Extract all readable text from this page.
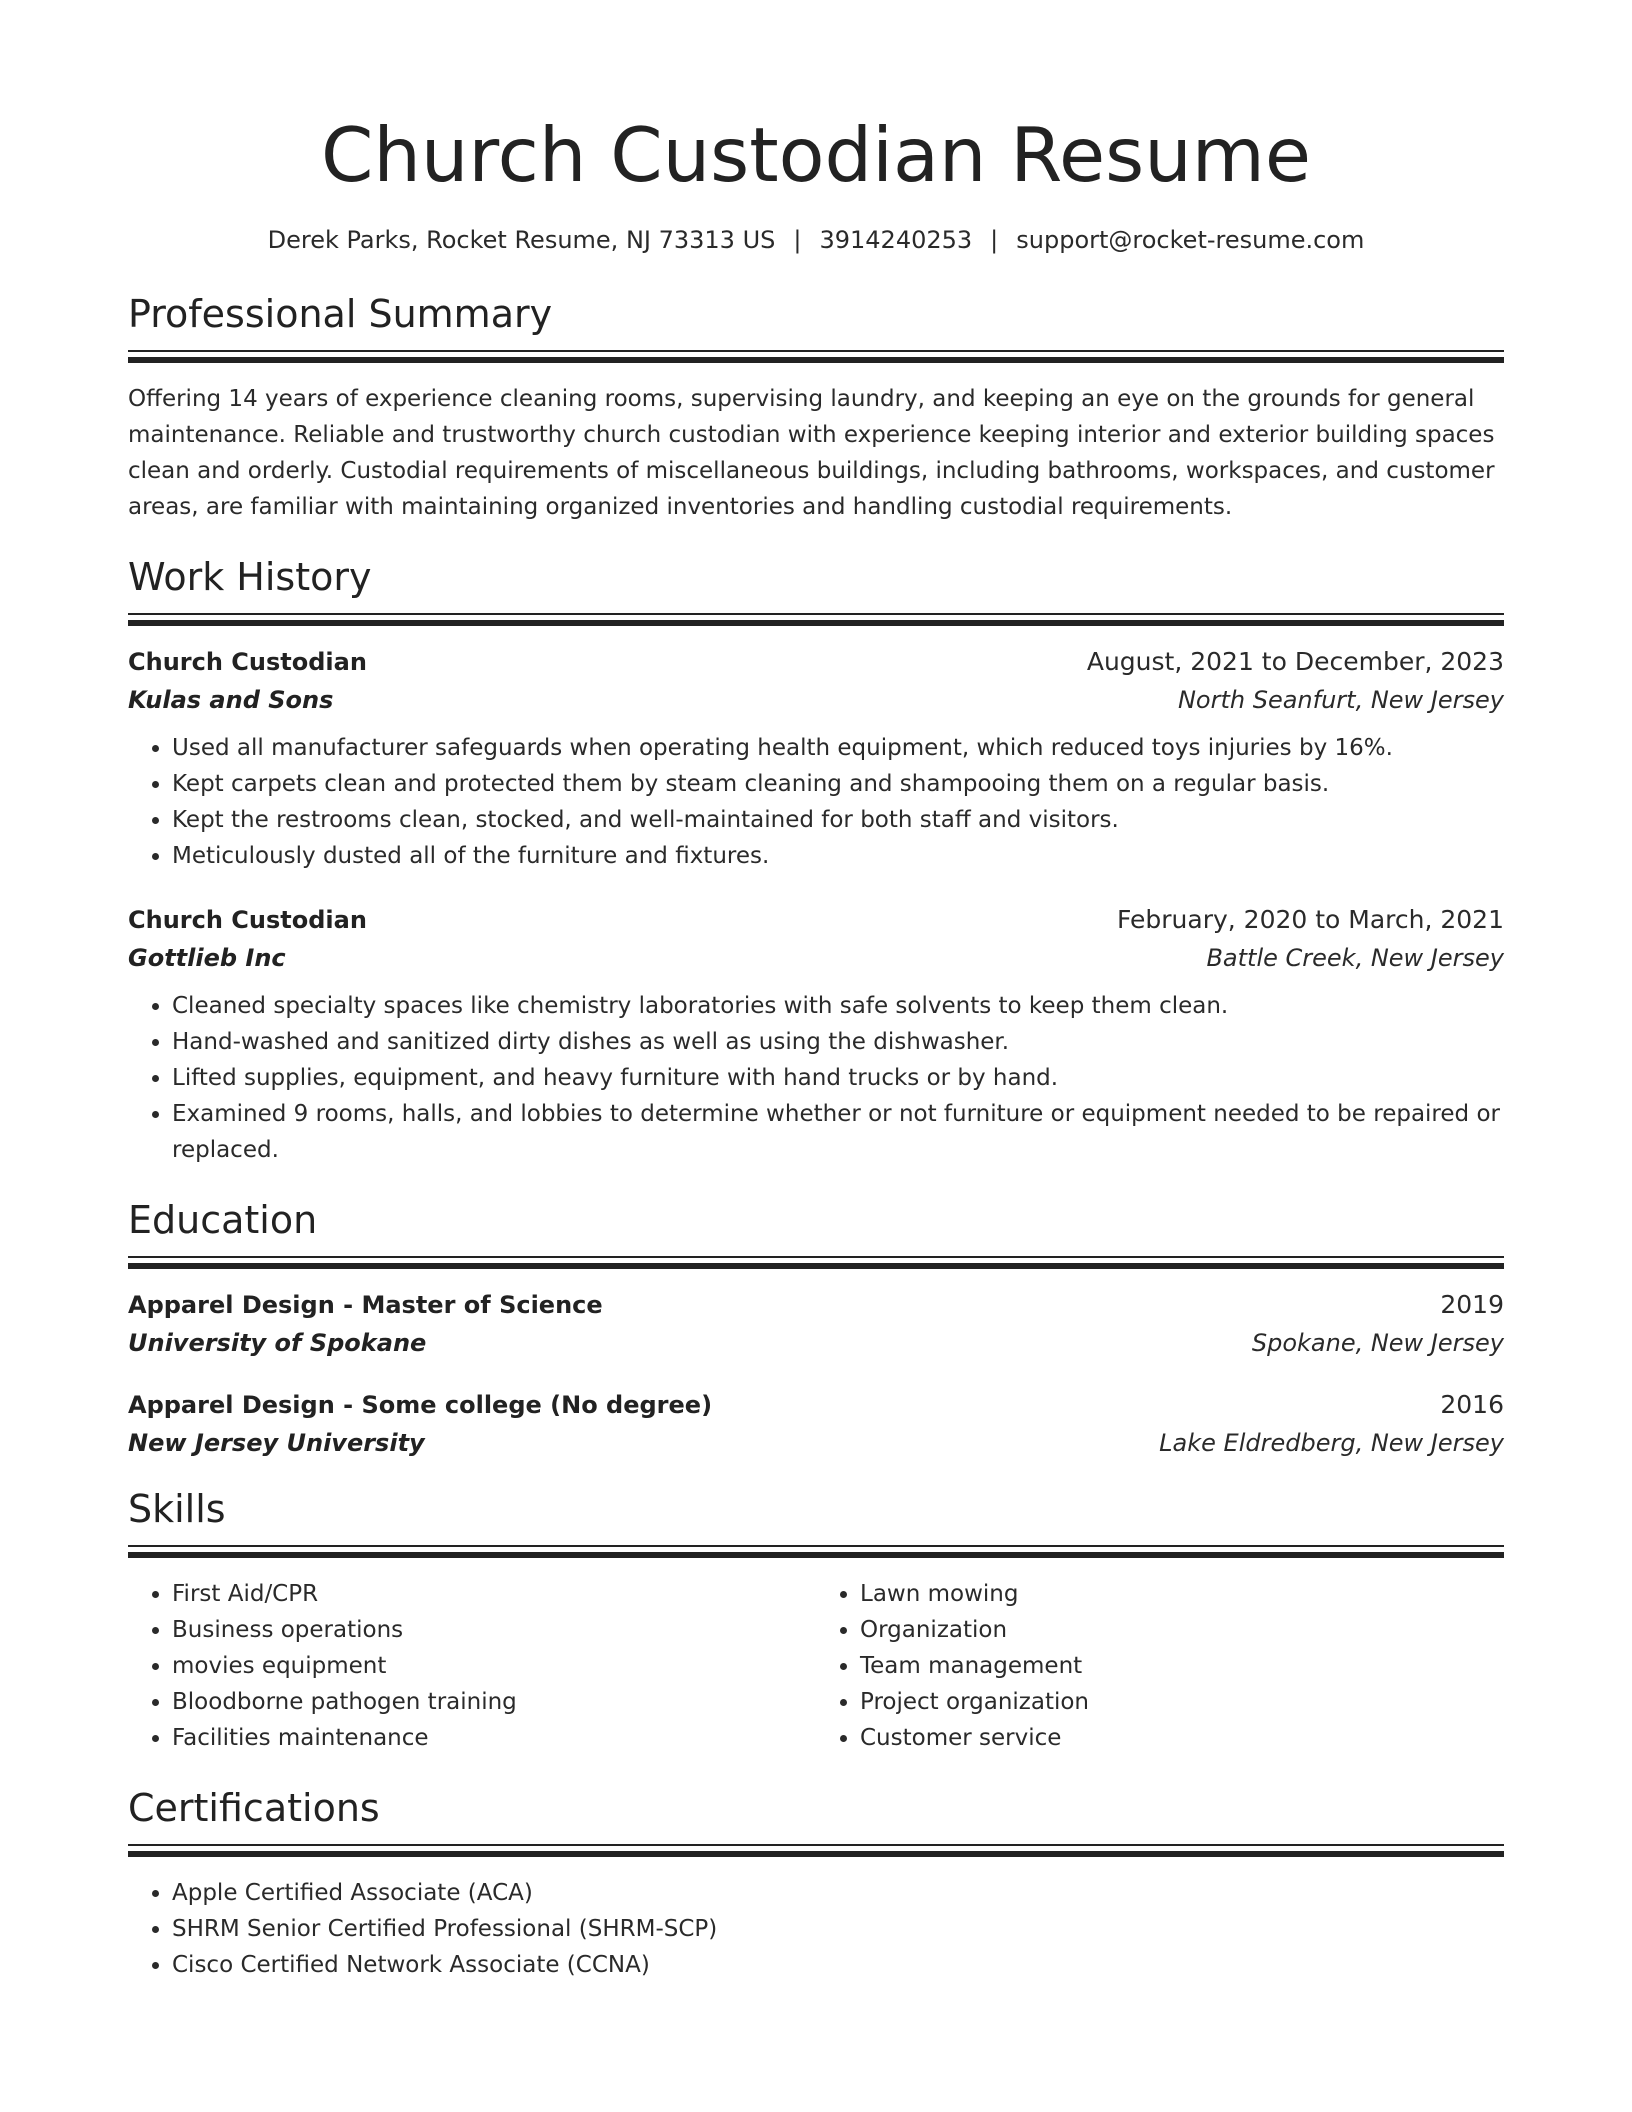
Church Custodian Resume
Derek Parks, Rocket Resume, NJ 73313 US | 3914240253 | support@rocket-resume.com
Professional Summary

Offering 14 years of experience cleaning rooms, supervising laundry, and keeping an eye on the grounds for general maintenance. Reliable and trustworthy church custodian with experience keeping interior and exterior building spaces clean and orderly. Custodial requirements of miscellaneous buildings, including bathrooms, workspaces, and customer areas, are familiar with maintaining organized inventories and handling custodial requirements.

Work History
Church Custodian	August, 2021 to December, 2023
Kulas and Sons	North Seanfurt, New Jersey
• Used all manufacturer safeguards when operating health equipment, which reduced toys injuries by 16%.
• Kept carpets clean and protected them by steam cleaning and shampooing them on a regular basis.
• Kept the restrooms clean, stocked, and well-maintained for both staff and visitors.
• Meticulously dusted all of the furniture and fixtures.
Church Custodian	February, 2020 to March, 2021
Gottlieb Inc	Battle Creek, New Jersey
• Cleaned specialty spaces like chemistry laboratories with safe solvents to keep them clean.
• Hand-washed and sanitized dirty dishes as well as using the dishwasher.
• Lifted supplies, equipment, and heavy furniture with hand trucks or by hand.
• Examined 9 rooms, halls, and lobbies to determine whether or not furniture or equipment needed to be repaired or replaced.
Education
Apparel Design - Master of Science	2019
University of Spokane	Spokane, New Jersey
Apparel Design - Some college (No degree)	2016
New Jersey University	Lake Eldredberg, New Jersey
Skills
• First Aid/CPR
• Business operations
• movies equipment
• Bloodborne pathogen training
• Facilities maintenance
• Lawn mowing
• Organization
• Team management
• Project organization
• Customer service
Certifications
• Apple Certified Associate (ACA)
• SHRM Senior Certified Professional (SHRM-SCP)
• Cisco Certified Network Associate (CCNA)
